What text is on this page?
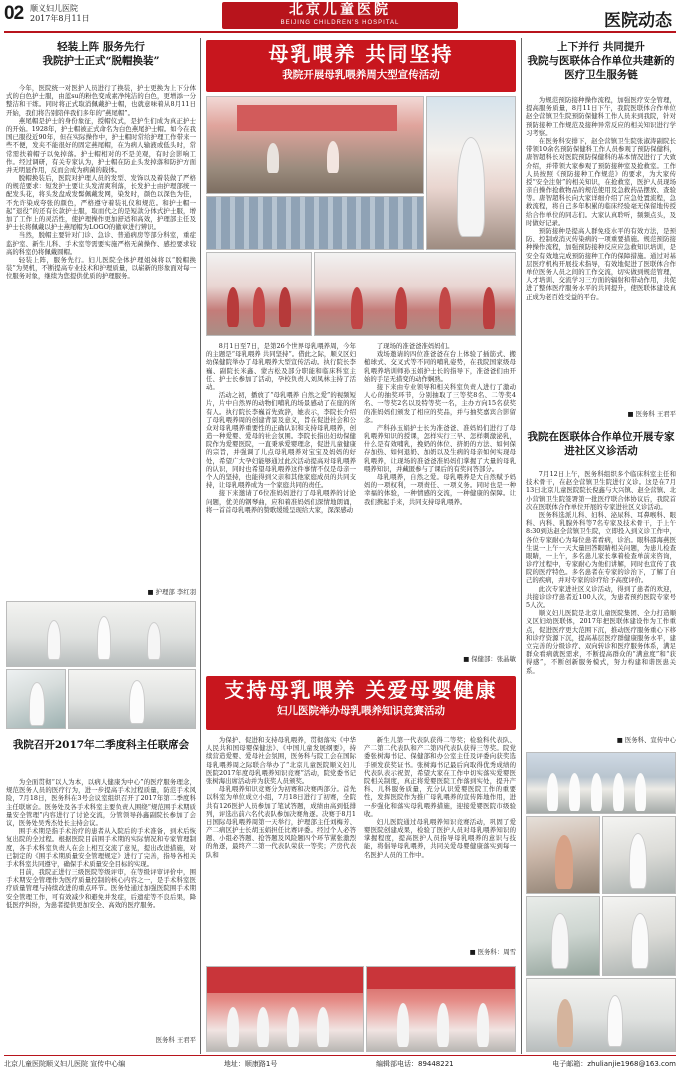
02 顺义妇儿医院
2017年8月11日
北京儿童医院
BEIJING CHILDREN'S HOSPITAL	医院动态
轻装上阵 服务先行
我院护士正式“脱帽换装”

今年，医院统一对医护人员进行了换装，护士更换为上下分体式的白色护士服，由蓝su的粉色变成素净纯洁的白色，更增添一分整洁和干练。同时将正式取消佩戴护士帽，也就意味着从8月11日开始，我们将告别陪伴我们多年的“燕尾帽”。

燕尾帽是护士的身份象征，授帽仪式，是护生们成为真正护士的开始。1928年，护士帽被正式命名为白色燕尾护士帽。如今在我国已服役近90年，但在实际操作中，护士帽时常给护理工作带来一些不便，发夹不能很好的固定燕尾帽，在为病人输液或低头时，常常需扶着帽子以免掉落。护士帽相对的不是美观，有时会影响工作。经过调研，有关专家认为，护士帽在防止头发掉落和防护方面并无明显作用，反而会成为病菌的载体。

脱帽换装后，医院对护理人员的发型、发饰以及着装做了严格的规范要求：短发护士要让头发清爽利落，长发护士由护理部统一配发头花，将头发盘成发髻佩戴发网，染发时，颜色以深色为佳，不允许染成夸张的颜色，严格遵守着装礼仪和规范。和护士帽一起“退役”的还有长款护士服，取而代之的是短款分体式护士服，增加了工作上的灵活性，使护理操作更加舒适和高效，护理部主任及护士长将佩戴以护士燕尾帽为LOGO的徽章进行辨识。

当然，脱帽主要针对门诊、急诊、普通病房等部分科室，重症监护室、新生儿科、手术室等需要实施严格无菌操作、感控要求较高的科室仍将佩戴圆帽。

轻装上阵，服务先行。妇儿医院全体护理姐妹将以“脱帽换装”为契机，不断提高专业技术和护理质量，以崭新的形象面对每一位服务对象，继续为您提供优质的护理服务。

■ 护理部 李红羽
我院召开2017年二季度科主任联席会

为全面贯彻“以人为本，以病人健康为中心”的医疗服务理念，规范医务人员的医疗行为，进一步提高手术过程质量，防范手术风险，7月18日，医务科在3号会议室组织召开了2017年第二季度科主任联席会。医务处及各手术科室主要负责人围绕“规范围手术期质量安全管理”内容进行了讨论交流，分管领导孙鑫副院长参加了会议，医务处吴秀杰处长主持会议。

围手术期是指手术治疗的患者从入院后的手术准备，到术后恢复出院的全过程。根据医院目前围手术期的实际情况和专家管理制度，各手术科室负责人在会上相互交流了意见，提出改进措施，对已制定的《围手术期质量安全管理规定》进行了完善，指导各相关手术科室共同遵守，确保手术质量安全目标的实现。

目前，我院正进行三级医院等级评审，在等级评审评价中，围手术期安全管理作为医疗质量控制的核心内容之一，是手术科室医疗质量管理与持续改进的重点环节。医务处通过加强医院围手术期安全管理工作，可有效减少和避免并发症，后遗症等不良后果，降低医疗纠纷，为患者提供更加安全、高效的医疗服务。

医务科 王君平
母乳喂养 共同坚持
我院开展母乳喂养周大型宣传活动

8月1日至7日，是第26个世界母乳喂养周，今年的主题是“母乳喂养 共同坚持”。借此之际，顺义区妇幼保健院举办了母乳喂养大型宣传活动。执行院长李巍、副院长米鑫、蒙古松及部分职能和临床科室主任、护士长参加了活动，孕校负责人刘凤林主持了活动。

活动之初，播放了“母乳喂养 自然之爱”的视频短片，片中自然界的动物们哺乳的场景感动了在座的所有人。执行院长李巍首先致辞，她表示，李院长介绍了母乳喂养周的创建背景及意义，旨在促进社会和公众对母乳喂养重要性的正确认识和支持母乳喂养，创造一种爱婴、爱母的社会氛围。李院长指出妇幼保健院作为爱婴医院，一直秉承爱婴理念，促进儿童健康的宗旨，并强调了儿点母乳喂养对宝宝及妈妈的好处，希望广大孕妇能够通过此次活动提高对母乳喂养的认识，同时也希望母乳喂养这件事情不仅是母亲一个人的坚持，也能得到父亲和其他家庭成员的共同支持，让母乳喂养成为一个家庭共同的责任。

接下来邀请了6位准妈妈进行了母乳喂养的讨论问题，优美的钢琴曲，应和着准妈妈们深情地朗诵，将一首首母乳喂养的赞歌缓缓呈现给大家，深深感动

了现场的准爸爸准妈妈们。

戏场邀请的四位准爸爸在台上体验了插筋式、搬槌球式、交叉式等不同的哺乳姿势，在我院国家级母乳喂养培训师孙玉娟护士长的指导下，准爸爸们由开始的手足无措变的动作娴熟。

接下来由专业领导和相关科室负责人进行了激动人心的抽奖环节，分别抽取了三等奖8名、二等奖4名、一等奖2名以及特等奖一名，主办方向15名获奖的准妈妈们颁发了相应的奖品，并与抽奖嘉宾合影留念。

产科孙玉娟护士长为准爸爸、准妈妈们进行了母乳喂养知识的授课，怎样实行三早、怎样刺激泌乳，什么是有效哺乳，挽奶的体位、挤奶的方法、如何保存加热、如何退奶、加奶以及生病的母亲如何实现母乳喂养，让现场的准爸爸准妈妈们掌握了大量的母乳喂养知识，并藏匿参与了课后的有奖问答部分。

母乳喂养，自然之爱。母乳喂养是大自然赋予妈妈的一项权利，一项责任、一项义务。同时也是一种幸福的体验，一种情感的交流，一种健康的保障。让我们携起手来，共同支持母乳喂养。

■ 保健部：张晶敏
支持母乳喂养 关爱母婴健康
妇儿医院举办母乳喂养知识竞赛活动

为保护、促进和支持母乳喂养，贯彻落实《中华人民共和国母婴保健法》、《中国儿童发展纲要》，持续营造爱婴、爱母社会氛围，医务科与院工会在国际母乳喂养周之际联合举办了“北京儿童医院顺义妇儿医院2017年度母乳喂养知识竞赛”活动，院党委书记张树海出席活动并为获奖人员颁奖。

母乳喂养知识竞赛分为初赛和决赛两部分。首先以科室为单位成立小组，7月18日进行了初赛，全院共有126医护人员参加了笔试答题，成绩由高到低排列，评选出前六名代表队参加决赛角逐。决赛于8月1日国际母乳喂养周第一天举行，护理部主任刘梅芳、产二病区护士长胡玉娟担任比赛评委。经过个人必答题、小组必答题、抢答题及风险题四个环节紧张激烈的角逐，最终产二第一代表队荣获一等奖；产房代表队和

新生儿第一代表队获得二等奖；检验科代表队、产二第二代表队和产二第四代表队获得三等奖。院党委张树海书记、保健部和办公室主任及评委向获奖选手颁发获奖证书。张树海书记最后向取得优秀成绩的代表队表示祝贺，希望大家在工作中切实落实爱婴医院相关制度，真正将爱婴医院工作落到实处，提升产科、儿科服务质量，充分认识爱婴医院工作的重要性，发挥医院作为推广母乳喂养的宣传阵地作用，进一步强化和落实母乳喂养措施，迎接爱婴医院市级验收。

妇儿医院通过母乳喂养知识竞赛活动，巩固了爱婴医院创建成果，检验了医护人员对母乳喂养知识的掌握程度，提高医护人员指导母乳喂养的意识与技能，将倡导母乳喂养，共同关爱母婴健康落实到每一名医护人员的工作中。

■ 医务科：周雪
上下并行 共同提升
我院与医联体合作单位共建新的医疗卫生服务链

为规范预防接种操作流程，加强医疗安全管理，提高服务质量，8月11日下午，我院医联体合作单位赵全营镇卫生院预防保健科工作人员来到我院，针对预防接种工作规范及接种异常反应的相关知识进行学习考察。

在医务科安排下，赵全营镇卫生院张淑涛副院长带领10余名预防保健科工作人员参观了预防保健科，唐智超科长对医院预防保健科的基本情况进行了大致介绍，并带领大家参观了预防接种室及抢救室。工作人员按照《预防接种工作规范》的要求，为大家传授“安全注射”的相关知识，在抢救室，医护人员现场亲自操作抢救物品的规范使用及急救药品摆放、查验等。唐智超科长向大家详细介绍了应急处置流程，急救流程，将自己多年积累的临床经验毫无保留地传授给合作单位的同志们。大家认真聆听，频频点头，及时做好记录。

预防接种是提高人群免疫水平的有效方法，是预防、控制或消灭传染病的一项重要措施。规范预防接种操作流程，加强预防接种反应应急救知识培训，是安全有效地完成预防接种工作的保障措施。通过对基层医疗机构开展技术指导，有效地促进了医联体合作单位医务人员之间的工作交流，切实做到规范管理，人才培训、交流学习三方面的辐射和带动作用，共促进了整体医疗服务水平的共同提升，使医联体建设真正成为老百姓受益的平台。

■ 医务科 王君平
我院在医联体合作单位开展专家进社区义诊活动

7月12日上午，医务科组织多个临床科室主任和技术骨干，在赵全营镇卫生院进行义诊。这是在7月13日北京儿童医院院长倪鑫与大兴镇、赵全营镇、北小营镇卫生院签署第一批医疗联合体协议后，我院首次在医联体合作单位开展的专家进社区义诊活动。

医务科选派儿科、妇科、泌尿科、耳鼻喉科、眼科、内科、乳腺外科等7名专家及技术骨干，于上午8:30到达赵全营镇卫生院，立即投入到义诊工作中，各位专家耐心为每位患者看病，诊治。眼科邵海燕医生说一上午一天大量回答眼睛相关问题，为患儿检查眼睛，一上午，多名患儿家长拿着检查单前来咨询，诊疗过程中，专家耐心为他们讲解，同时也宣传了我院的医疗特色。多名患者在专家的诊治下，了解了自己的疾病，并对专家的诊疗给予高度评价。

此次专家进社区义诊活动，得到了患者的欢迎，共接诊诊疗患者近100人次，为患者预约医院专家号5人次。

顺义妇儿医院是北京儿童医院集团、全力打造顺义区妇幼医联体，2017年把医联体建设作为工作重点，促进医疗更大范围下沉，推动医疗服务重心下移和诊疗资源下沉，提高基层医疗群健康服务水平，建立完善的分级诊疗、双向转诊和医疗服务体系，满足群众看病就医需求，不断提高群众的“满意度”和“获得感”，不断创新服务模式，努力构建和谐医患关系。

■ 医务科、宣传中心
北京儿童医院顺义妇儿医院 宣传中心编	地址：顺康路1号	编辑部电话：89448221	电子邮箱：zhulianjie1968@163.com
